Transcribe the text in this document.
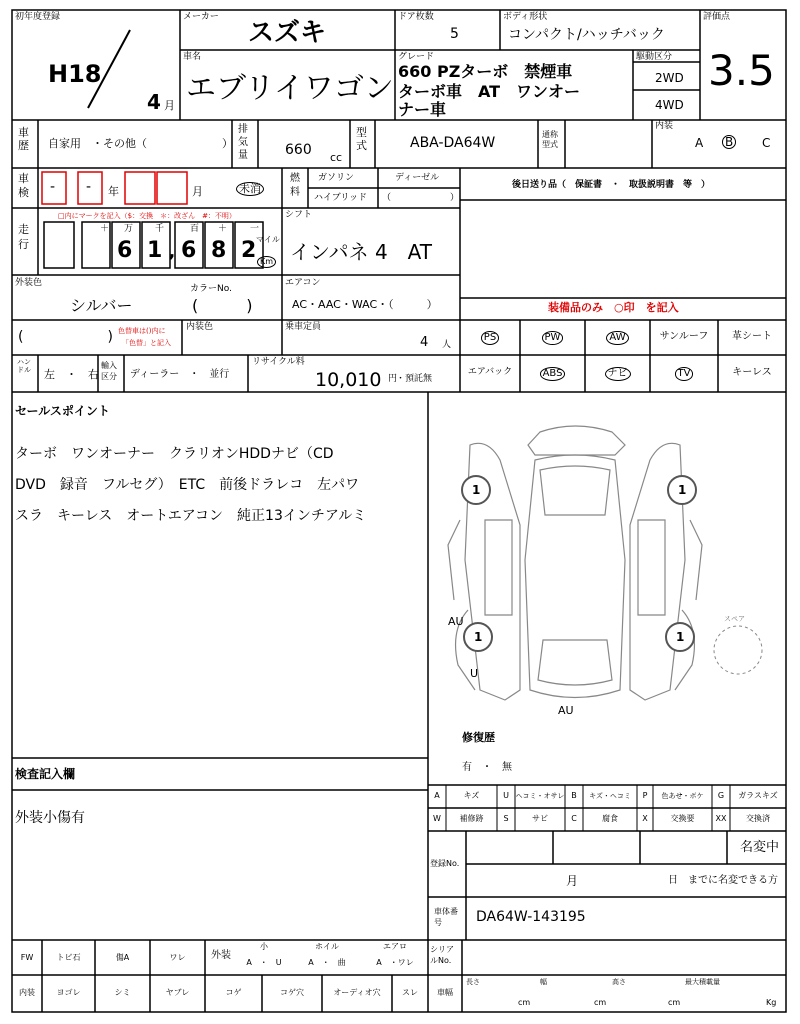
初年度登録
H18
4 月
メーカー
スズキ
ドア枚数
5
ボディ形状
コンパクト/ハッチバック
評価点
3.5
車名
エブリイワゴン
グレード
660 PZターボ　禁煙車
ターボ車　AT　ワンオー
ナー車
駆動区分
2WD
4WD
車歴 自家用　・その他（	）
排気量	660 cc
型式	ABA-DA64W
通称型式
内装
A B C
車検 - - 年	月	未消
燃料
ガソリン	ディーゼル
ハイブリッド （	）
後日送り品（　保証書　・　取扱説明書　等　）
走行
□内にマークを記入（$：交換　＊：改ざん　#：不明）
＋ 万 千	百 ＋	一
6 1 , 6 8 2 マイル
Km
シフト
インパネ 4　AT
外装色
シルバー
カラーNo.
(　　　)
エアコン
AC・AAC・WAC・（　　　）	装備品のみ　○印　を記入
(　　　　　　) 色替車は()内に
「色替」と記入
内装色	乗車定員
4 人
PS	PW	AW	サンルーフ	革シート
エアバック	ABS	ナビ	TV	キーレス
ハンドル 左　・　右
輸入区分	ディーラー　・　並行
リサイクル料
10,010 円
・預託無
セールスポイント
ターボ　ワンオーナー　クラリオンHDDナビ（CD
DVD　録音　フルセグ）　ETC　前後ドラレコ　左パワ
スラ　キーレス　オートエアコン　純正13インチアルミ
1	1
1	1
AU
AU
U
スペア
修復歴
有　・　無
検査記入欄
外装小傷有
A	キズ	U ヘコミ・オサレ B	キズ・ヘコミ	P	色あせ・ボケ	G	ガラスキズ
W	補修跡	S	サビ	C	腐食	X	交換要	XX	交換済
登録No.
名変中
月	日　までに名変できる方
車体番号	DA64W-143195
シリアルNo.
FW	トビ石	傷A	ワレ	外装
小
A　・　U
ホイル
A　・　曲
エアロ
A　・ワレ
内装	ヨゴレ	シミ	ヤブレ	コゲ	コゲ穴	オーディオ穴	スレ	車幅
長さ	幅	高さ	最大積載量
cm	cm	cm	Kg
